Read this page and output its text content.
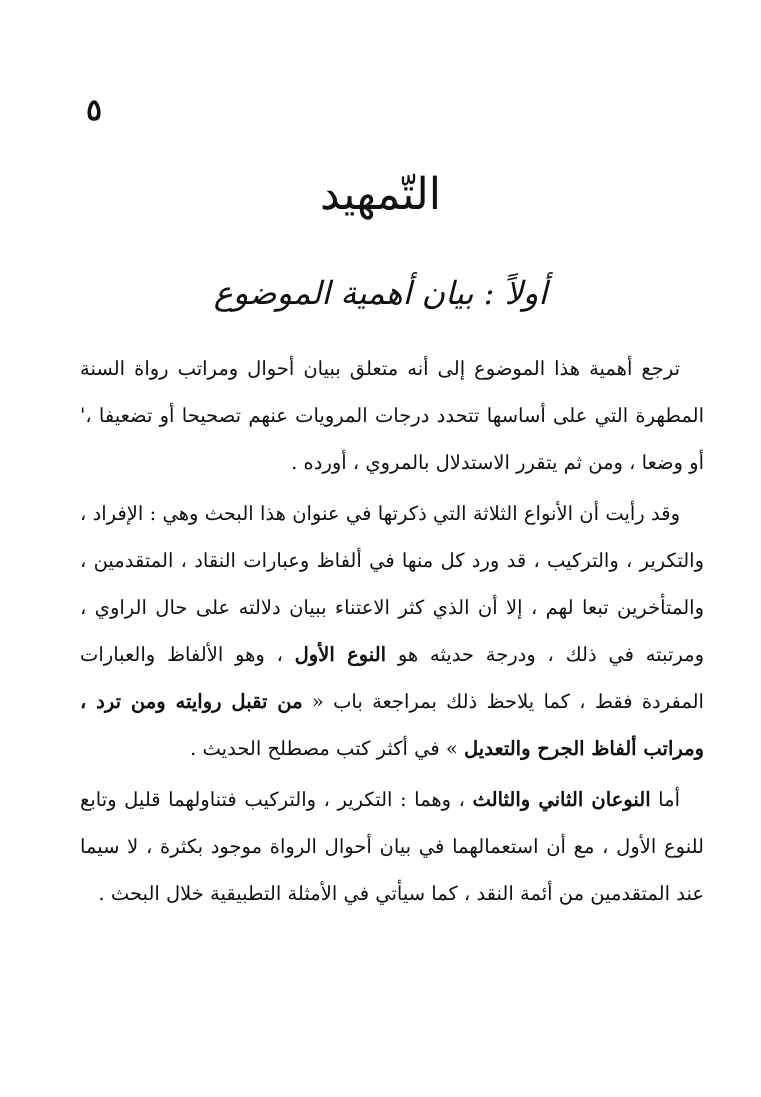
٥
التّمهيد
أولاً : بيان أهمية الموضوع

ترجع أهمية هذا الموضوع إلى أنه متعلق ببيان أحوال ومراتب رواة السنة المطهرة التي على أساسها تتحدد درجات المرويات عنهم تصحيحا أو تضعيفا ،' أو وضعا ، ومن ثم يتقرر الاستدلال بالمروي ، أورده .

وقد رأيت أن الأنواع الثلاثة التي ذكرتها في عنوان هذا البحث وهي : الإفراد ، والتكرير ، والتركيب ، قد ورد كل منها في ألفاظ وعبارات النقاد ، المتقدمين ، والمتأخرين تبعا لهم ، إلا أن الذي كثر الاعتناء ببيان دلالته على حال الراوي ، ومرتبته في ذلك ، ودرجة حديثه هو النوع الأول ، وهو الألفاظ والعبارات المفردة فقط ، كما يلاحظ ذلك بمراجعة باب « من تقبل روايته ومن ترد ، ومراتب ألفاظ الجرح والتعديل » في أكثر كتب مصطلح الحديث .

أما النوعان الثاني والثالث ، وهما : التكرير ، والتركيب فتناولهما قليل وتابع للنوع الأول ، مع أن استعمالهما في بيان أحوال الرواة موجود بكثرة ، لا سيما عند المتقدمين من أئمة النقد ، كما سيأتي في الأمثلة التطبيقية خلال البحث .
